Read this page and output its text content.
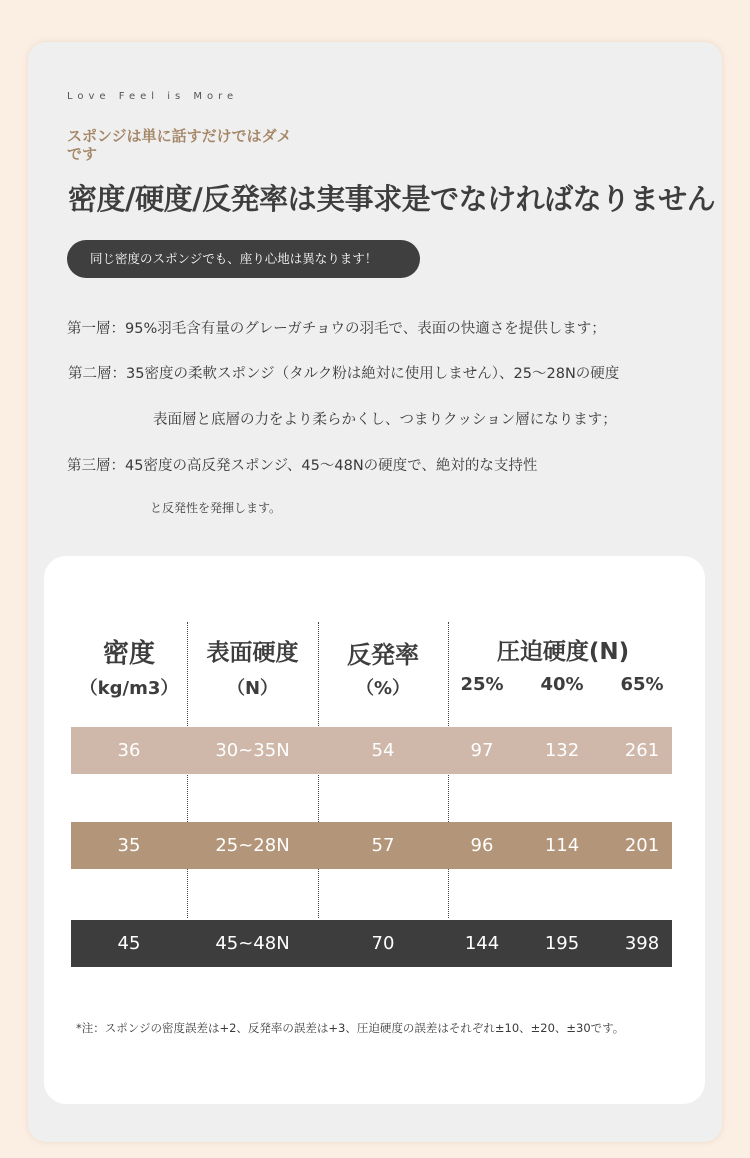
Love Feel is More
スポンジは単に話すだけではダメです
密度/硬度/反発率は実事求是でなければなりません
同じ密度のスポンジでも、座り心地は異なります！
第一層：95%羽毛含有量のグレーガチョウの羽毛で、表面の快適さを提供します；
第二層：35密度の柔軟スポンジ（タルク粉は絶対に使用しません）、25～28Nの硬度
表面層と底層の力をより柔らかくし、つまりクッション層になります；
第三層：45密度の高反発スポンジ、45～48Nの硬度で、絶対的な支持性
と反発性を発揮します。
密度
（kg/m3）
表面硬度
（N）
反発率
（%）
圧迫硬度(N)
25%	40%	65%
36	30~35N	54	97	132	261
35	25~28N	57	96	114	201
45	45~48N	70	144	195	398
*注：スポンジの密度誤差は+2、反発率の誤差は+3、圧迫硬度の誤差はそれぞれ±10、±20、±30です。
